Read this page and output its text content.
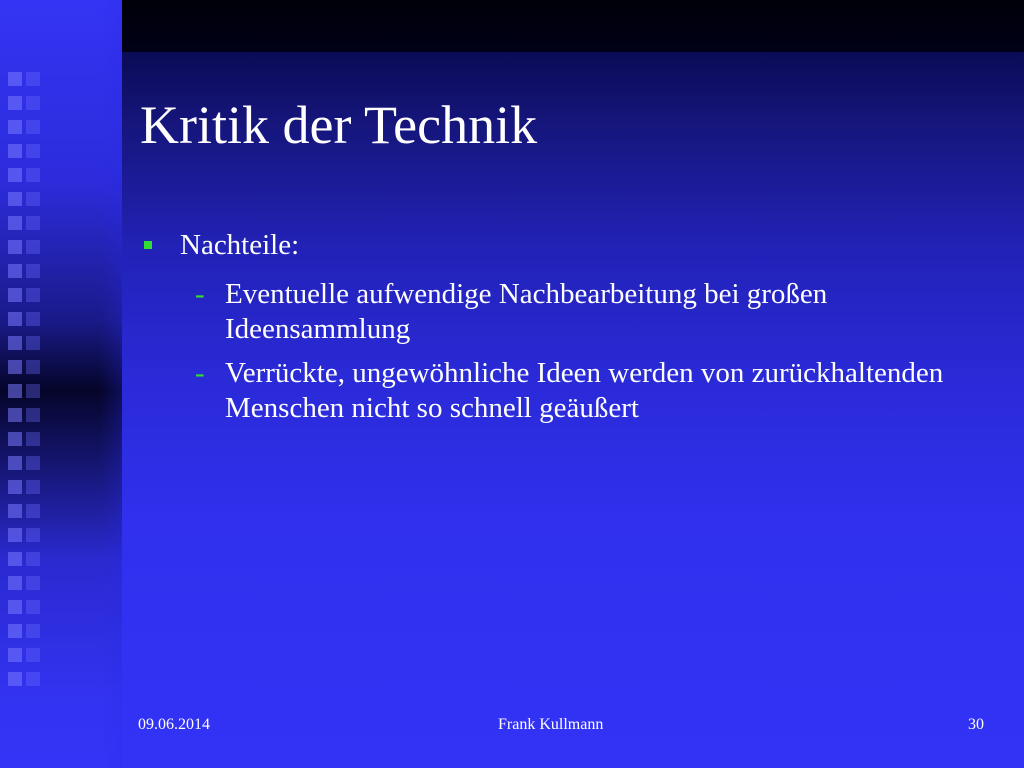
Kritik der Technik
Nachteile:
- Eventuelle aufwendige Nachbearbeitung bei großen Ideensammlung
- Verrückte, ungewöhnliche Ideen werden von zurückhaltenden Menschen nicht so schnell geäußert
09.06.2014	Frank Kullmann	30
